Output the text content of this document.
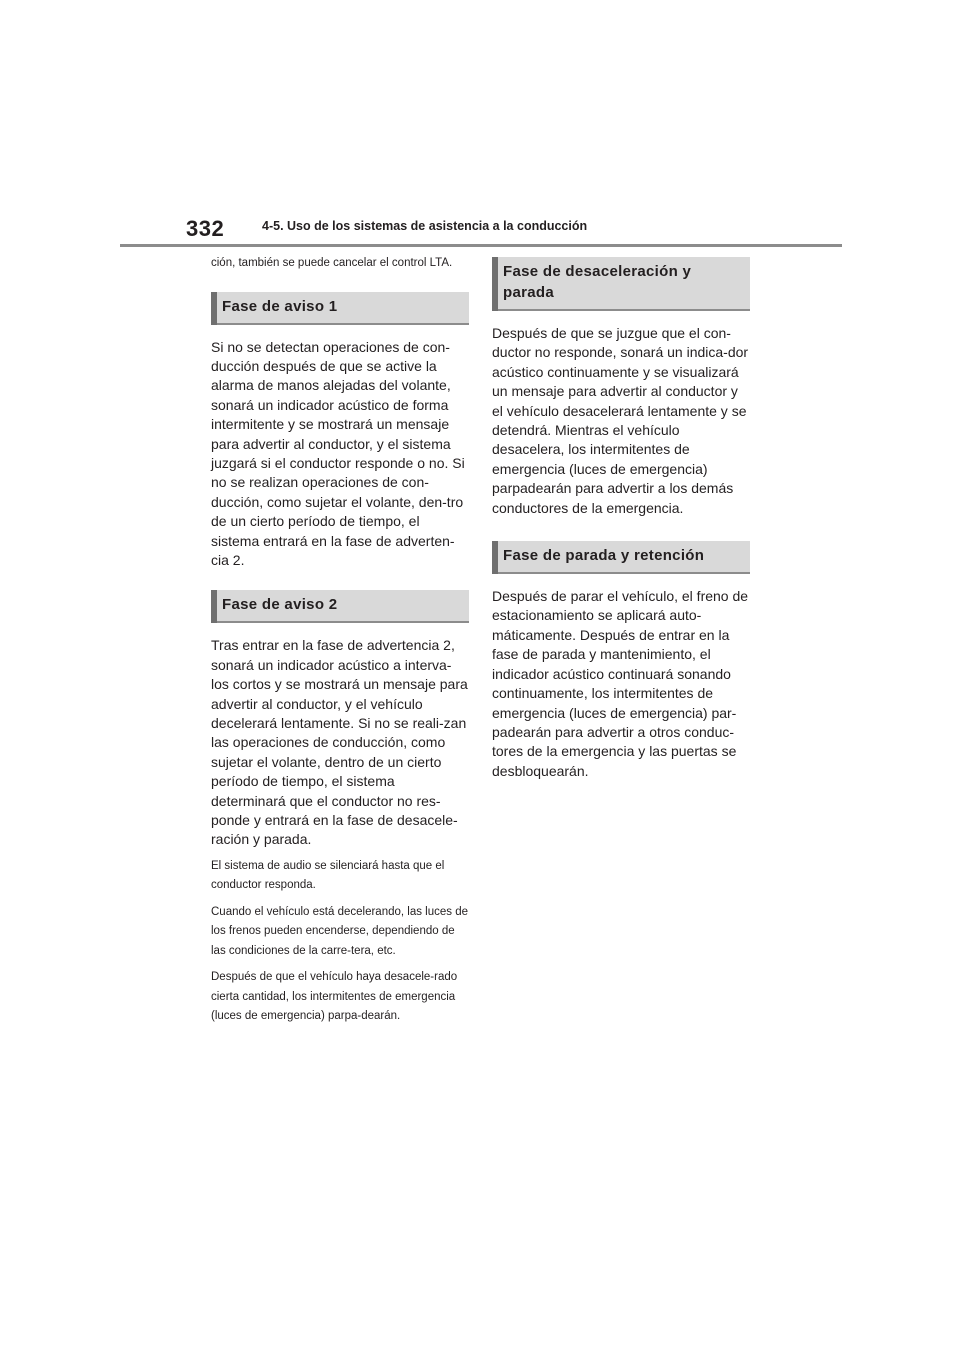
332	4-5. Uso de los sistemas de asistencia a la conducción

ción, también se puede cancelar el control LTA.

Fase de aviso 1

Si no se detectan operaciones de con-ducción después de que se active la alarma de manos alejadas del volante, sonará un indicador acústico de forma intermitente y se mostrará un mensaje para advertir al conductor, y el sistema juzgará si el conductor responde o no. Si no se realizan operaciones de con-ducción, como sujetar el volante, den-tro de un cierto período de tiempo, el sistema entrará en la fase de adverten-cia 2.

Fase de aviso 2

Tras entrar en la fase de advertencia 2, sonará un indicador acústico a interva-los cortos y se mostrará un mensaje para advertir al conductor, y el vehículo decelerará lentamente. Si no se reali-zan las operaciones de conducción, como sujetar el volante, dentro de un cierto período de tiempo, el sistema determinará que el conductor no res-ponde y entrará en la fase de desacele-ración y parada.

El sistema de audio se silenciará hasta que el conductor responda.

Cuando el vehículo está decelerando, las luces de los frenos pueden encenderse, dependiendo de las condiciones de la carre-tera, etc.

Después de que el vehículo haya desacele-rado cierta cantidad, los intermitentes de emergencia (luces de emergencia) parpa-dearán.

Fase de desaceleración y parada

Después de que se juzgue que el con-ductor no responde, sonará un indica-dor acústico continuamente y se visualizará un mensaje para advertir al conductor y el vehículo desacelerará lentamente y se detendrá. Mientras el vehículo desacelera, los intermitentes de emergencia (luces de emergencia) parpadearán para advertir a los demás conductores de la emergencia.

Fase de parada y retención

Después de parar el vehículo, el freno de estacionamiento se aplicará auto-máticamente. Después de entrar en la fase de parada y mantenimiento, el indicador acústico continuará sonando continuamente, los intermitentes de emergencia (luces de emergencia) par-padearán para advertir a otros conduc-tores de la emergencia y las puertas se desbloquearán.
